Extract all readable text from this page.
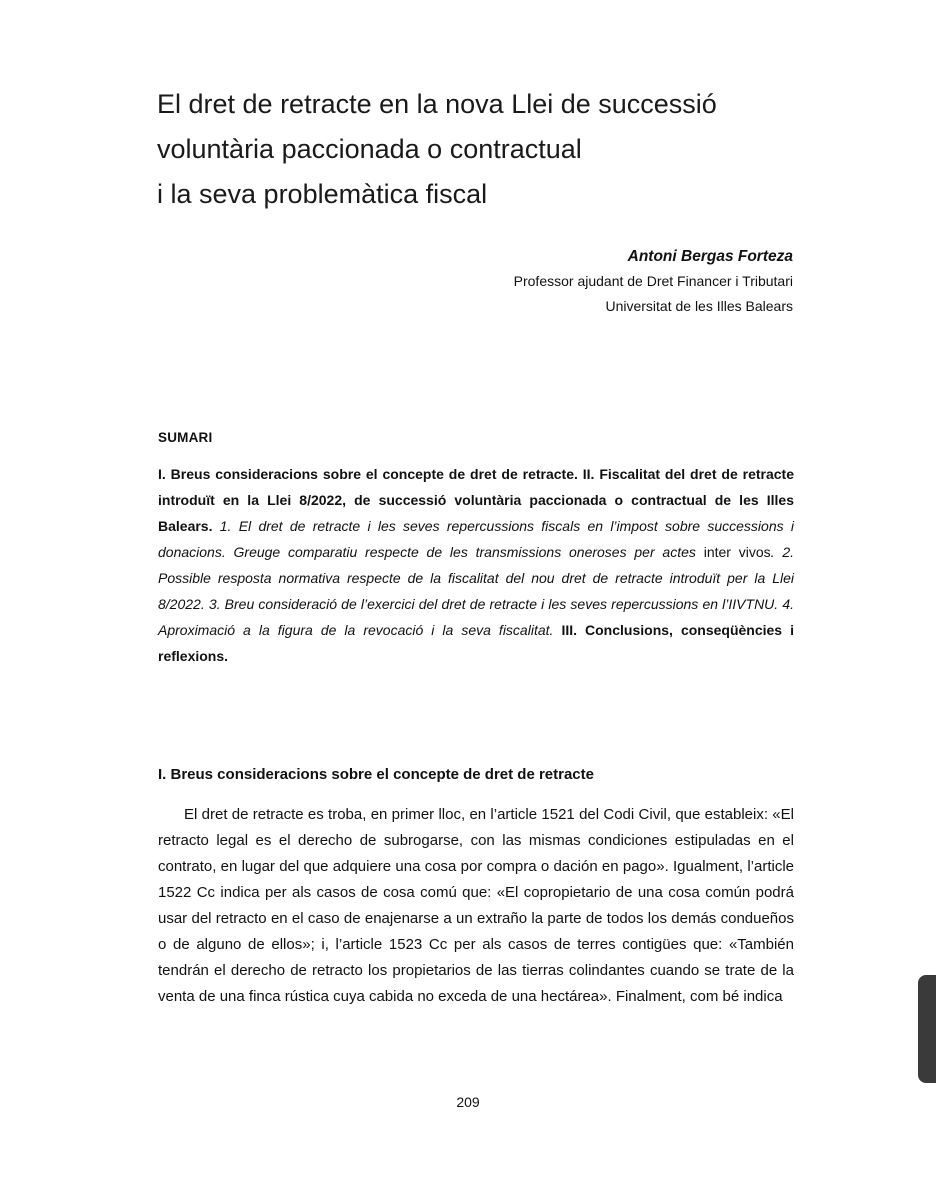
El dret de retracte en la nova Llei de successió
voluntària paccionada o contractual
i la seva problemàtica fiscal
Antoni Bergas Forteza
Professor ajudant de Dret Financer i Tributari
Universitat de les Illes Balears
SUMARI
I. Breus consideracions sobre el concepte de dret de retracte. II. Fiscalitat del dret de retracte introduït en la Llei 8/2022, de successió voluntària paccionada o contractual de les Illes Balears. 1. El dret de retracte i les seves repercussions fiscals en l’impost sobre successions i donacions. Greuge comparatiu respecte de les transmissions oneroses per actes inter vivos. 2. Possible resposta normativa respecte de la fiscalitat del nou dret de retracte introduït per la Llei 8/2022. 3. Breu consideració de l’exercici del dret de retracte i les seves repercussions en l’IIVTNU. 4. Aproximació a la figura de la revocació i la seva fiscalitat. III. Conclusions, conseqüències i reflexions.
I. Breus consideracions sobre el concepte de dret de retracte
El dret de retracte es troba, en primer lloc, en l’article 1521 del Codi Civil, que estableix: «El retracto legal es el derecho de subrogarse, con las mismas condiciones estipuladas en el contrato, en lugar del que adquiere una cosa por compra o dación en pago». Igualment, l’article 1522 Cc indica per als casos de cosa comú que: «El copropietario de una cosa común podrá usar del retracto en el caso de enajenarse a un extraño la parte de todos los demás condueños o de alguno de ellos»; i, l’article 1523 Cc per als casos de terres contigües que: «También tendrán el derecho de retracto los propietarios de las tierras colindantes cuando se trate de la venta de una finca rústica cuya cabida no exceda de una hectárea». Finalment, com bé indica
209
